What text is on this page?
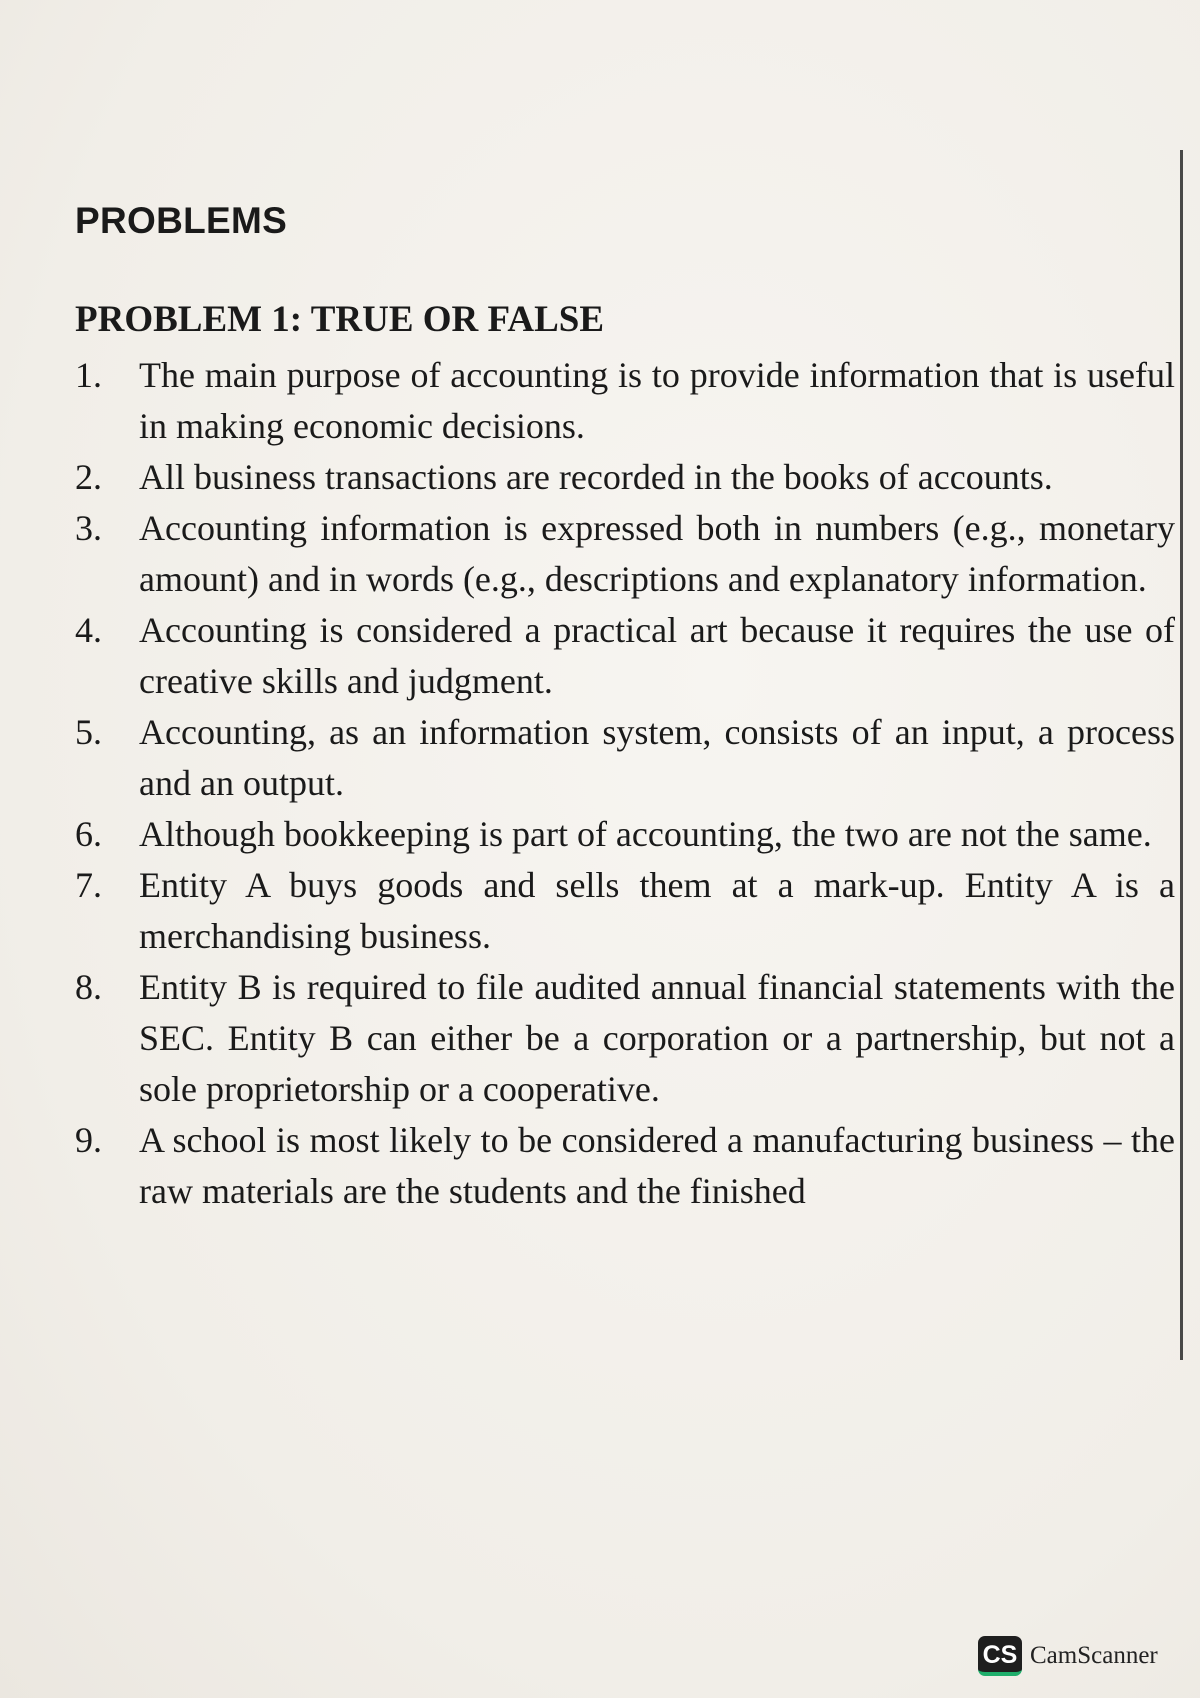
PROBLEMS
PROBLEM 1: TRUE OR FALSE
1.	The main purpose of accounting is to provide information that is useful in making economic decisions.
2.	All business transactions are recorded in the books of accounts.
3.	Accounting information is expressed both in numbers (e.g., monetary amount) and in words (e.g., descriptions and explanatory information.
4.	Accounting is considered a practical art because it requires the use of creative skills and judgment.
5.	Accounting, as an information system, consists of an input, a process and an output.
6.	Although bookkeeping is part of accounting, the two are not the same.
7.	Entity A buys goods and sells them at a mark-up. Entity A is a merchandising business.
8.	Entity B is required to file audited annual financial statements with the SEC. Entity B can either be a corporation or a partnership, but not a sole proprietorship or a cooperative.
9.	A school is most likely to be considered a manufacturing business – the raw materials are the students and the finished
CS CamScanner
